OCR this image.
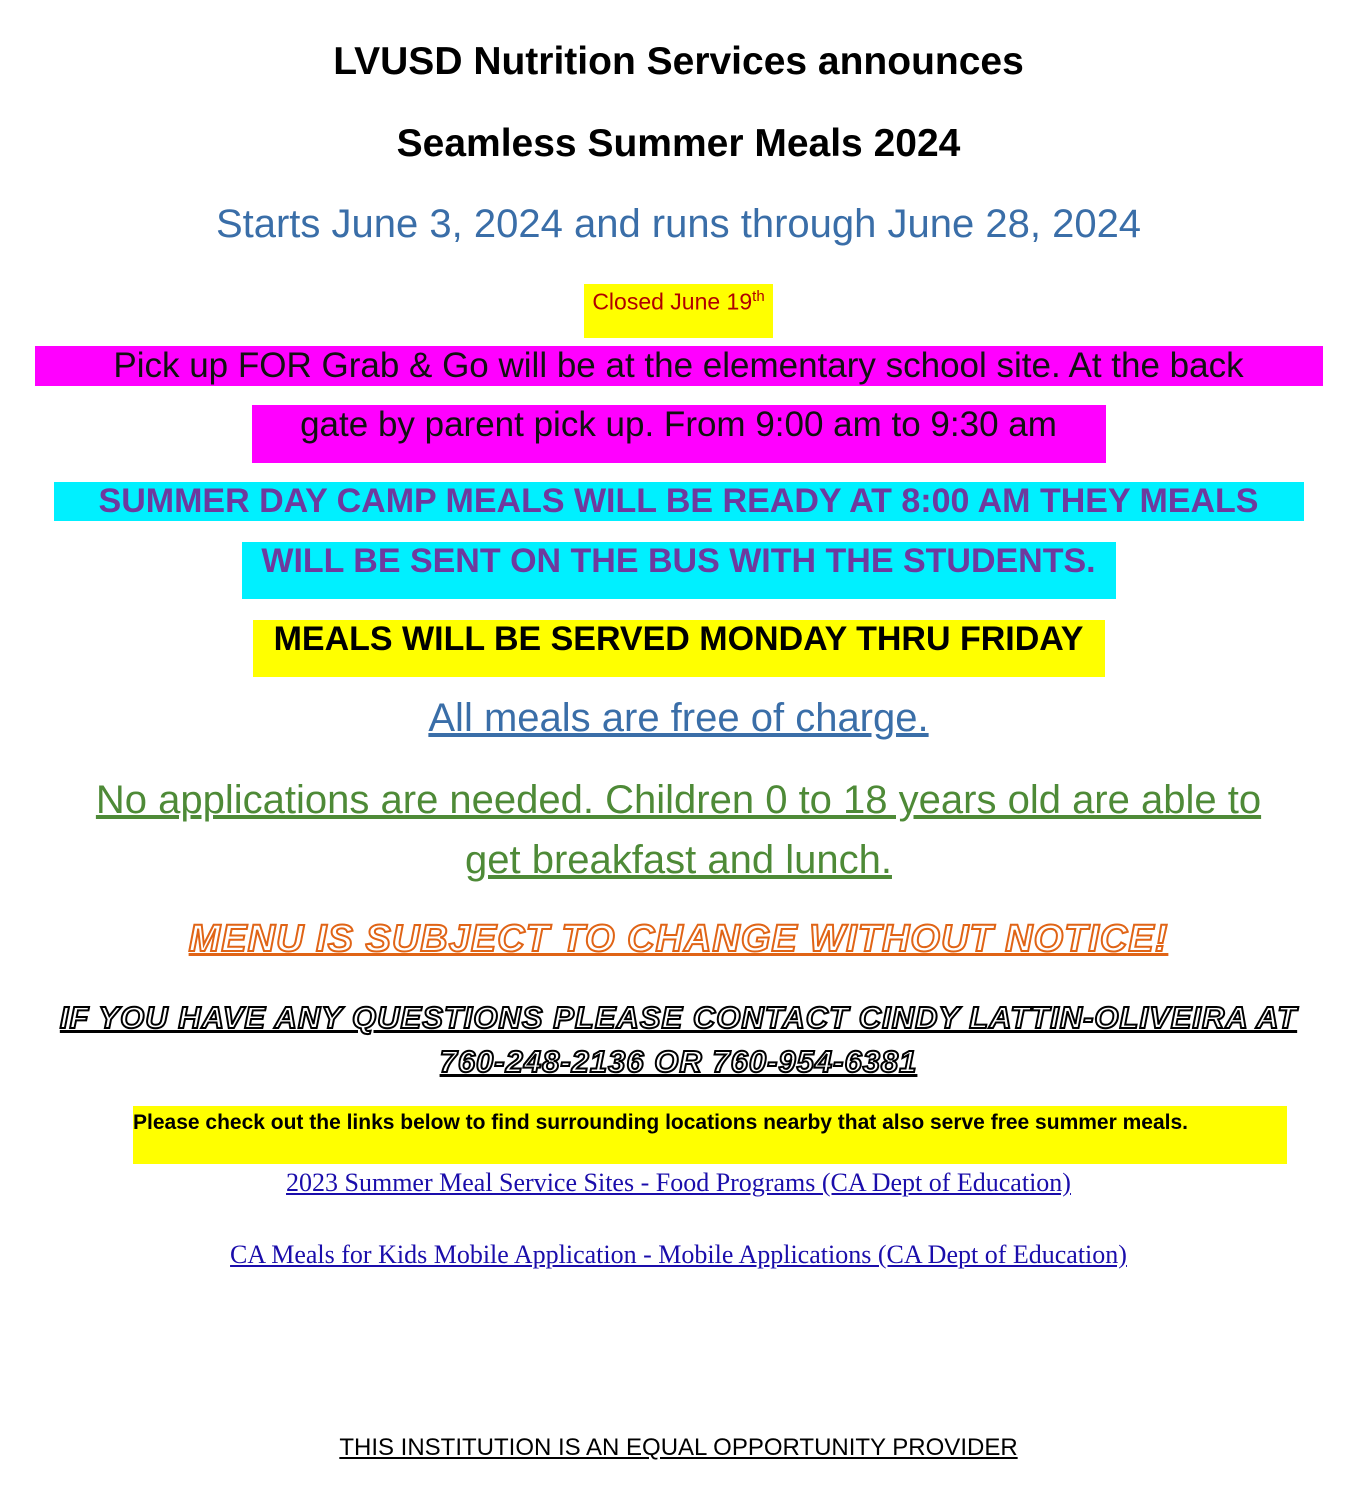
LVUSD Nutrition Services announces
Seamless Summer Meals 2024
Starts June 3, 2024 and runs through June 28, 2024
Closed June 19th
Pick up FOR Grab & Go will be at the elementary school site. At the back
gate by parent pick up. From 9:00 am to 9:30 am
SUMMER DAY CAMP MEALS WILL BE READY AT 8:00 AM THEY MEALS
WILL BE SENT ON THE BUS WITH THE STUDENTS.
MEALS WILL BE SERVED MONDAY THRU FRIDAY
All meals are free of charge.
No applications are needed. Children 0 to 18 years old are able to
get breakfast and lunch.
MENU IS SUBJECT TO CHANGE WITHOUT NOTICE!
IF YOU HAVE ANY QUESTIONS PLEASE CONTACT CINDY LATTIN-OLIVEIRA AT
760-248-2136 OR 760-954-6381
Please check out the links below to find surrounding locations nearby that also serve free summer meals.
2023 Summer Meal Service Sites - Food Programs (CA Dept of Education)
CA Meals for Kids Mobile Application - Mobile Applications (CA Dept of Education)
THIS INSTITUTION IS AN EQUAL OPPORTUNITY PROVIDER
